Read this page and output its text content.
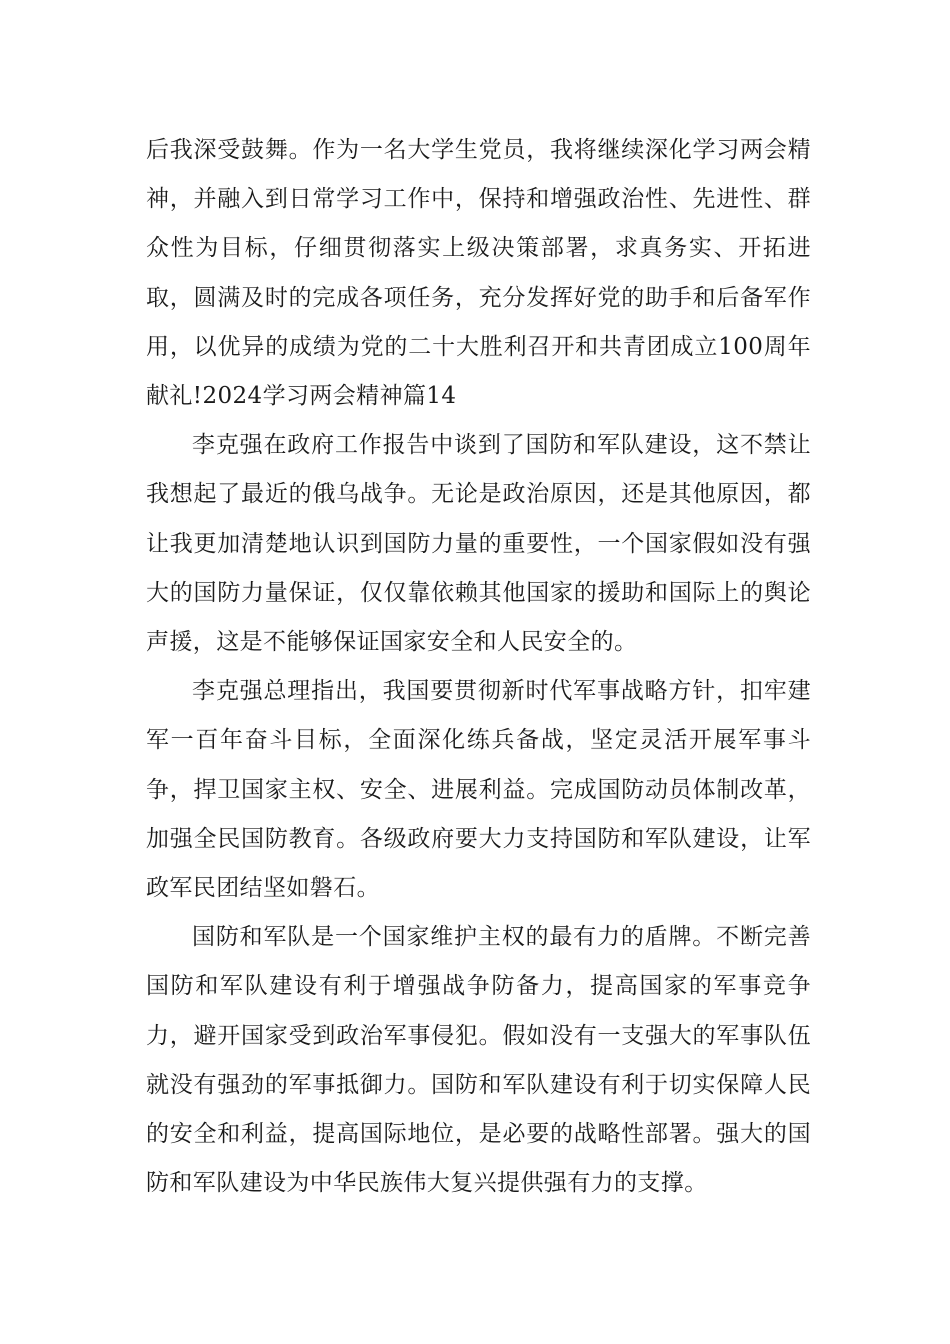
后我深受鼓舞。作为一名大学生党员，我将继续深化学习两会精神，并融入到日常学习工作中，保持和增强政治性、先进性、群众性为目标，仔细贯彻落实上级决策部署，求真务实、开拓进取，圆满及时的完成各项任务，充分发挥好党的助手和后备军作用，以优异的成绩为党的二十大胜利召开和共青团成立100周年献礼!2024学习两会精神篇14

李克强在政府工作报告中谈到了国防和军队建设，这不禁让我想起了最近的俄乌战争。无论是政治原因，还是其他原因，都让我更加清楚地认识到国防力量的重要性，一个国家假如没有强大的国防力量保证，仅仅靠依赖其他国家的援助和国际上的舆论声援，这是不能够保证国家安全和人民安全的。

李克强总理指出，我国要贯彻新时代军事战略方针，扣牢建军一百年奋斗目标，全面深化练兵备战，坚定灵活开展军事斗争，捍卫国家主权、安全、进展利益。完成国防动员体制改革，加强全民国防教育。各级政府要大力支持国防和军队建设，让军政军民团结坚如磐石。

国防和军队是一个国家维护主权的最有力的盾牌。不断完善国防和军队建设有利于增强战争防备力，提高国家的军事竞争力，避开国家受到政治军事侵犯。假如没有一支强大的军事队伍就没有强劲的军事抵御力。国防和军队建设有利于切实保障人民的安全和利益，提高国际地位，是必要的战略性部署。强大的国防和军队建设为中华民族伟大复兴提供强有力的支撑。
